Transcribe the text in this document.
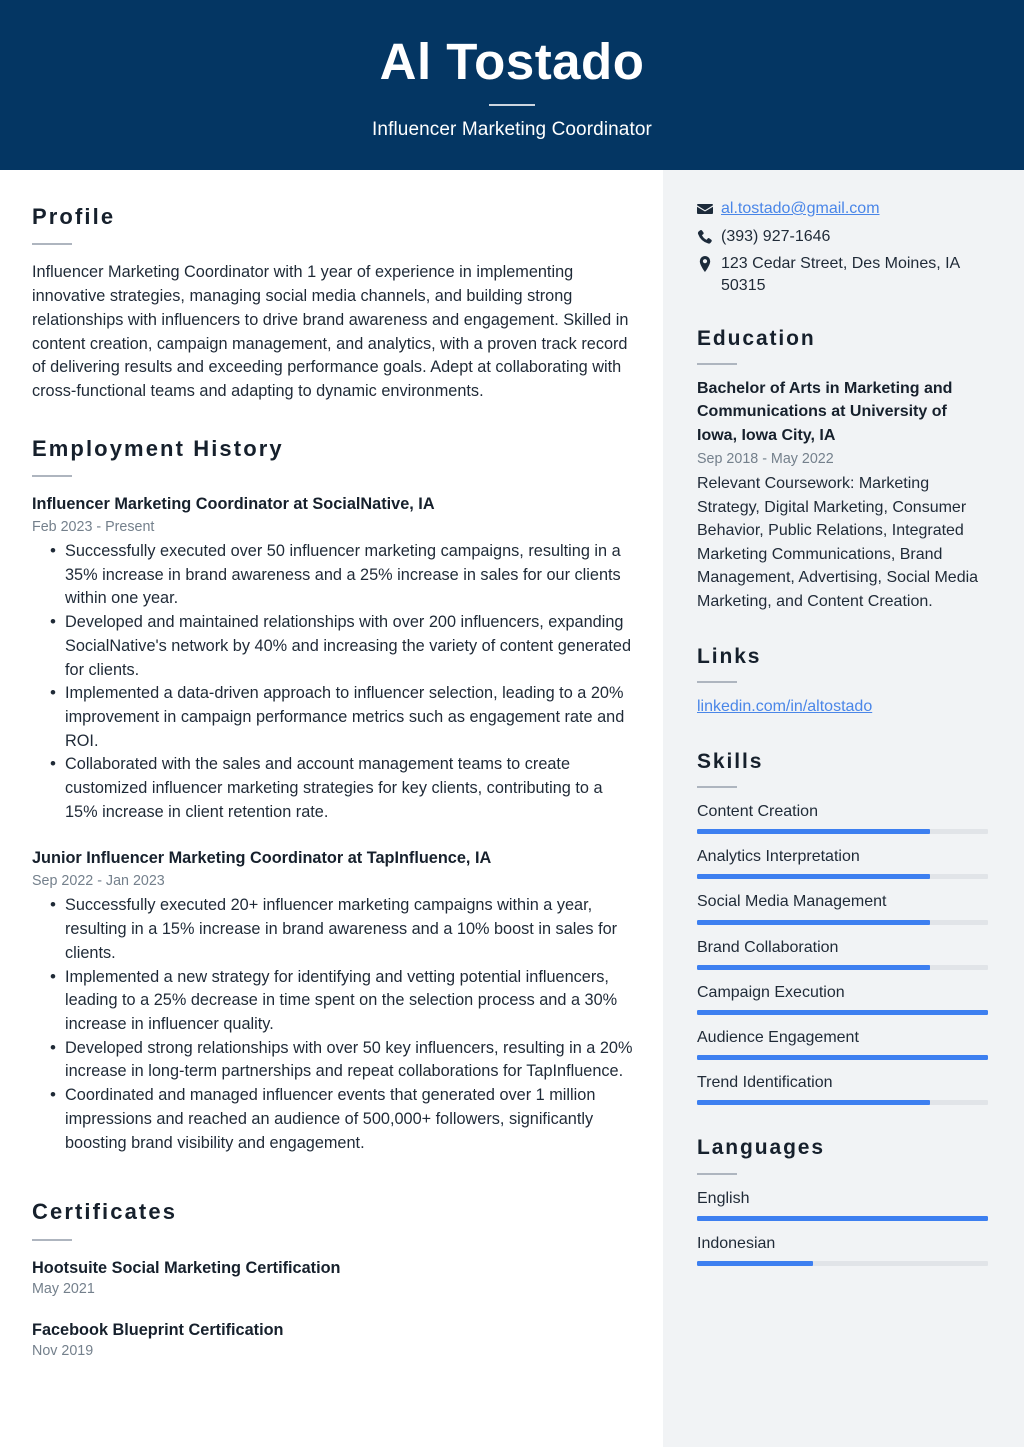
Al Tostado
Influencer Marketing Coordinator
Profile
Influencer Marketing Coordinator with 1 year of experience in implementing innovative strategies, managing social media channels, and building strong relationships with influencers to drive brand awareness and engagement. Skilled in content creation, campaign management, and analytics, with a proven track record of delivering results and exceeding performance goals. Adept at collaborating with cross-functional teams and adapting to dynamic environments.
Employment History
Influencer Marketing Coordinator at SocialNative, IA
Feb 2023 - Present
• Successfully executed over 50 influencer marketing campaigns, resulting in a 35% increase in brand awareness and a 25% increase in sales for our clients within one year.
• Developed and maintained relationships with over 200 influencers, expanding SocialNative's network by 40% and increasing the variety of content generated for clients.
• Implemented a data-driven approach to influencer selection, leading to a 20% improvement in campaign performance metrics such as engagement rate and ROI.
• Collaborated with the sales and account management teams to create customized influencer marketing strategies for key clients, contributing to a 15% increase in client retention rate.
Junior Influencer Marketing Coordinator at TapInfluence, IA
Sep 2022 - Jan 2023
• Successfully executed 20+ influencer marketing campaigns within a year, resulting in a 15% increase in brand awareness and a 10% boost in sales for clients.
• Implemented a new strategy for identifying and vetting potential influencers, leading to a 25% decrease in time spent on the selection process and a 30% increase in influencer quality.
• Developed strong relationships with over 50 key influencers, resulting in a 20% increase in long-term partnerships and repeat collaborations for TapInfluence.
• Coordinated and managed influencer events that generated over 1 million impressions and reached an audience of 500,000+ followers, significantly boosting brand visibility and engagement.
Certificates
Hootsuite Social Marketing Certification
May 2021
Facebook Blueprint Certification
Nov 2019
al.tostado@gmail.com
(393) 927-1646
123 Cedar Street, Des Moines, IA 50315
Education
Bachelor of Arts in Marketing and Communications at University of Iowa, Iowa City, IA
Sep 2018 - May 2022
Relevant Coursework: Marketing Strategy, Digital Marketing, Consumer Behavior, Public Relations, Integrated Marketing Communications, Brand Management, Advertising, Social Media Marketing, and Content Creation.
Links
linkedin.com/in/altostado
Skills
Content Creation
Analytics Interpretation
Social Media Management
Brand Collaboration
Campaign Execution
Audience Engagement
Trend Identification
Languages
English
Indonesian
